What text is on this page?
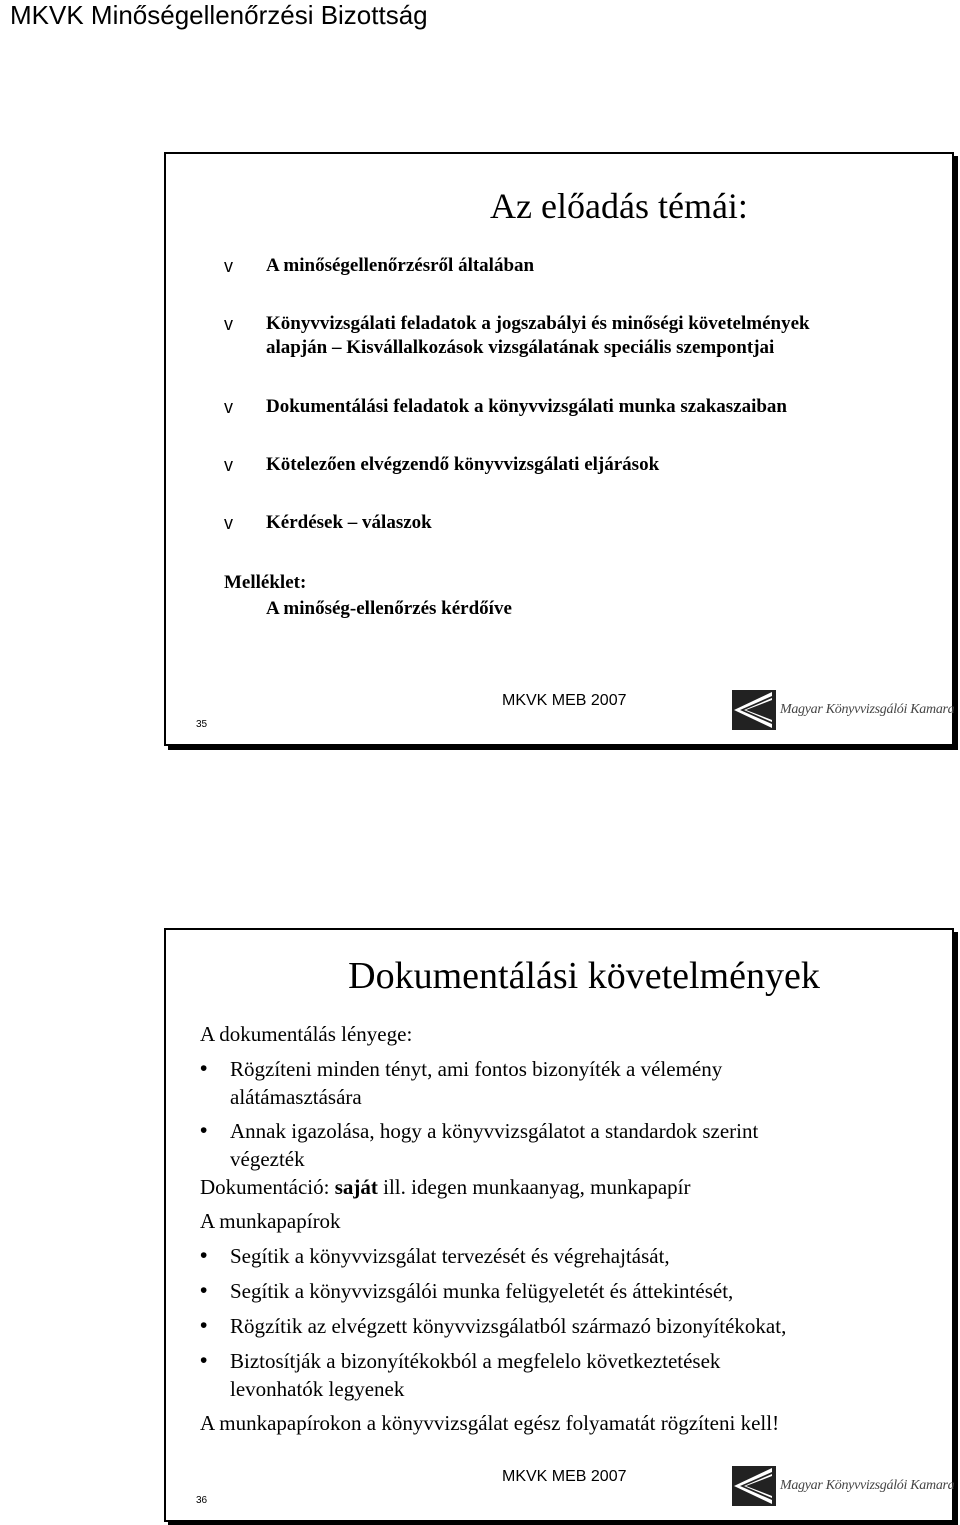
MKVK Minőségellenőrzési Bizottság
Az előadás témái:
v A minőségellenőrzésről általában
v Könyvvizsgálati feladatok a jogszabályi és minőségi követelmények
alapján – Kisvállalkozások vizsgálatának speciális szempontjai
v Dokumentálási feladatok a könyvvizsgálati munka szakaszaiban
v Kötelezően elvégzendő könyvvizsgálati eljárások
v Kérdések – válaszok
Melléklet:
A minőség-ellenőrzés kérdőíve
35
MKVK MEB 2007
Magyar Könyvvizsgálói Kamara
Dokumentálási követelmények
A dokumentálás lényege:
• Rögzíteni minden tényt, ami fontos bizonyíték a vélemény
alátámasztására
• Annak igazolása, hogy a könyvvizsgálatot a standardok szerint
végezték
Dokumentáció: saját ill. idegen munkaanyag, munkapapír
A munkapapírok
• Segítik a könyvvizsgálat tervezését és végrehajtását,
• Segítik a könyvvizsgálói munka felügyeletét és áttekintését,
• Rögzítik az elvégzett könyvvizsgálatból származó bizonyítékokat,
• Biztosítják a bizonyítékokból a megfelelo következtetések
levonhatók legyenek
A munkapapírokon a könyvvizsgálat egész folyamatát rögzíteni kell!
36
MKVK MEB 2007
Magyar Könyvvizsgálói Kamara
